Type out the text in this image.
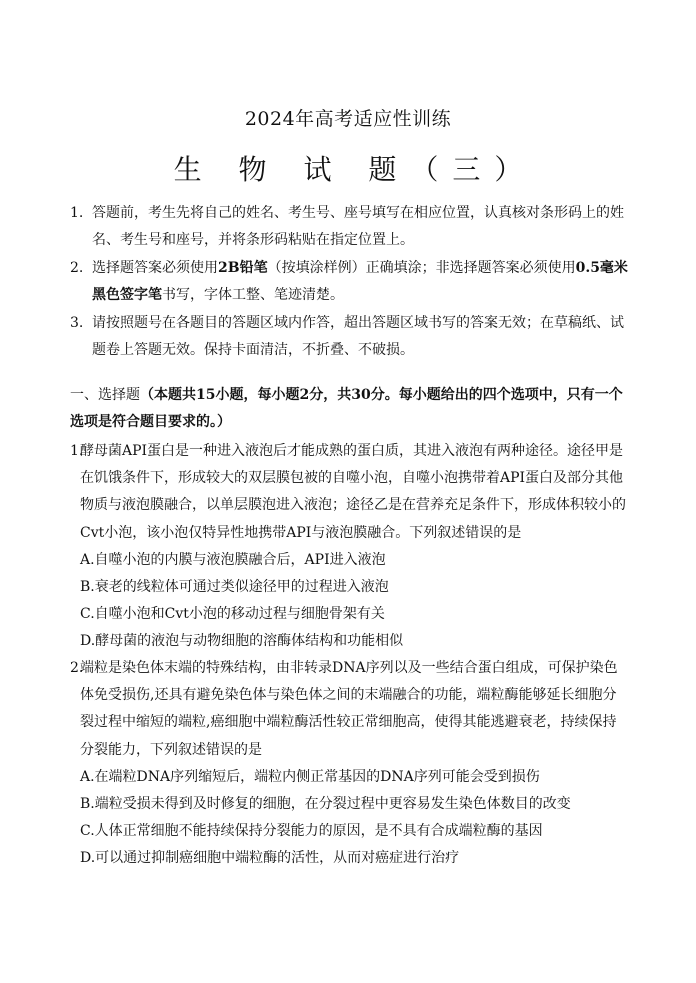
2024年高考适应性训练
生 物 试 题（三）
1. 答题前，考生先将自己的姓名、考生号、座号填写在相应位置，认真核对条形码上的姓名、考生号和座号，并将条形码粘贴在指定位置上。
2. 选择题答案必须使用2B铅笔（按填涂样例）正确填涂；非选择题答案必须使用0.5毫米黑色签字笔书写，字体工整、笔迹清楚。
3. 请按照题号在各题目的答题区域内作答，超出答题区域书写的答案无效；在草稿纸、试题卷上答题无效。保持卡面清洁，不折叠、不破损。
一、选择题（本题共15小题，每小题2分，共30分。每小题给出的四个选项中，只有一个选项是符合题目要求的。）
1.
酵母菌API蛋白是一种进入液泡后才能成熟的蛋白质，其进入液泡有两种途径。途径甲是在饥饿条件下，形成较大的双层膜包被的自噬小泡，自噬小泡携带着API蛋白及部分其他物质与液泡膜融合，以单层膜泡进入液泡；途径乙是在营养充足条件下，形成体积较小的Cvt小泡，该小泡仅特异性地携带API与液泡膜融合。下列叙述错误的是
A.自噬小泡的内膜与液泡膜融合后，API进入液泡
B.衰老的线粒体可通过类似途径甲的过程进入液泡
C.自噬小泡和Cvt小泡的移动过程与细胞骨架有关
D.酵母菌的液泡与动物细胞的溶酶体结构和功能相似
2.
端粒是染色体末端的特殊结构，由非转录DNA序列以及一些结合蛋白组成，可保护染色体免受损伤,还具有避免染色体与染色体之间的末端融合的功能，端粒酶能够延长细胞分裂过程中缩短的端粒,癌细胞中端粒酶活性较正常细胞高，使得其能逃避衰老，持续保持分裂能力，下列叙述错误的是
A.在端粒DNA序列缩短后，端粒内侧正常基因的DNA序列可能会受到损伤
B.端粒受损未得到及时修复的细胞，在分裂过程中更容易发生染色体数目的改变
C.人体正常细胞不能持续保持分裂能力的原因，是不具有合成端粒酶的基因
D.可以通过抑制癌细胞中端粒酶的活性，从而对癌症进行治疗
